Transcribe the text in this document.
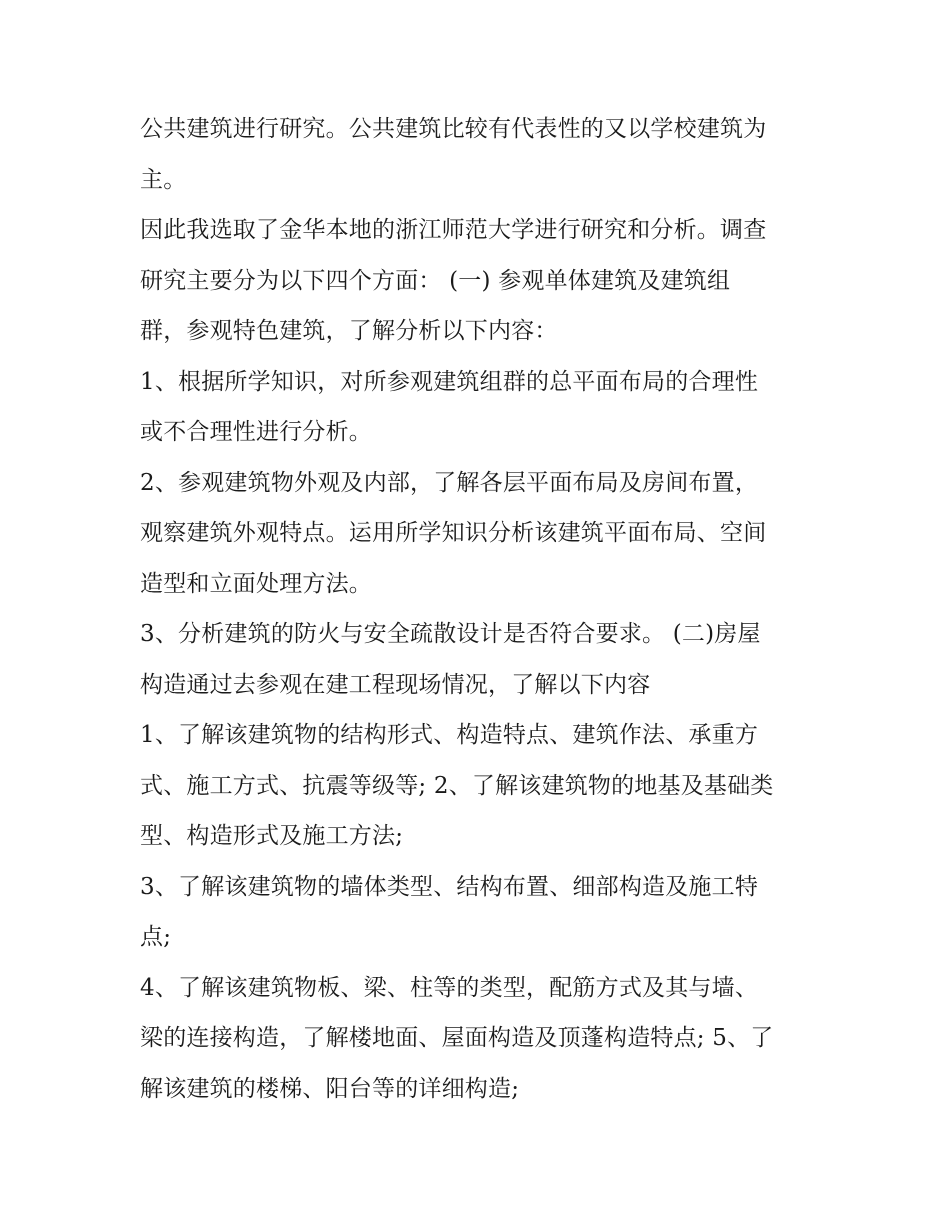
公共建筑进行研究。公共建筑比较有代表性的又以学校建筑为
主。
因此我选取了金华本地的浙江师范大学进行研究和分析。调查
研究主要分为以下四个方面： (一) 参观单体建筑及建筑组
群，参观特色建筑，了解分析以下内容：
1、根据所学知识，对所参观建筑组群的总平面布局的合理性
或不合理性进行分析。
2、参观建筑物外观及内部，了解各层平面布局及房间布置，
观察建筑外观特点。运用所学知识分析该建筑平面布局、空间
造型和立面处理方法。
3、分析建筑的防火与安全疏散设计是否符合要求。 (二)房屋
构造通过去参观在建工程现场情况，了解以下内容
1、了解该建筑物的结构形式、构造特点、建筑作法、承重方
式、施工方式、抗震等级等; 2、了解该建筑物的地基及基础类
型、构造形式及施工方法;
3、了解该建筑物的墙体类型、结构布置、细部构造及施工特
点;
4、了解该建筑物板、梁、柱等的类型，配筋方式及其与墙、
梁的连接构造，了解楼地面、屋面构造及顶蓬构造特点; 5、了
解该建筑的楼梯、阳台等的详细构造;
